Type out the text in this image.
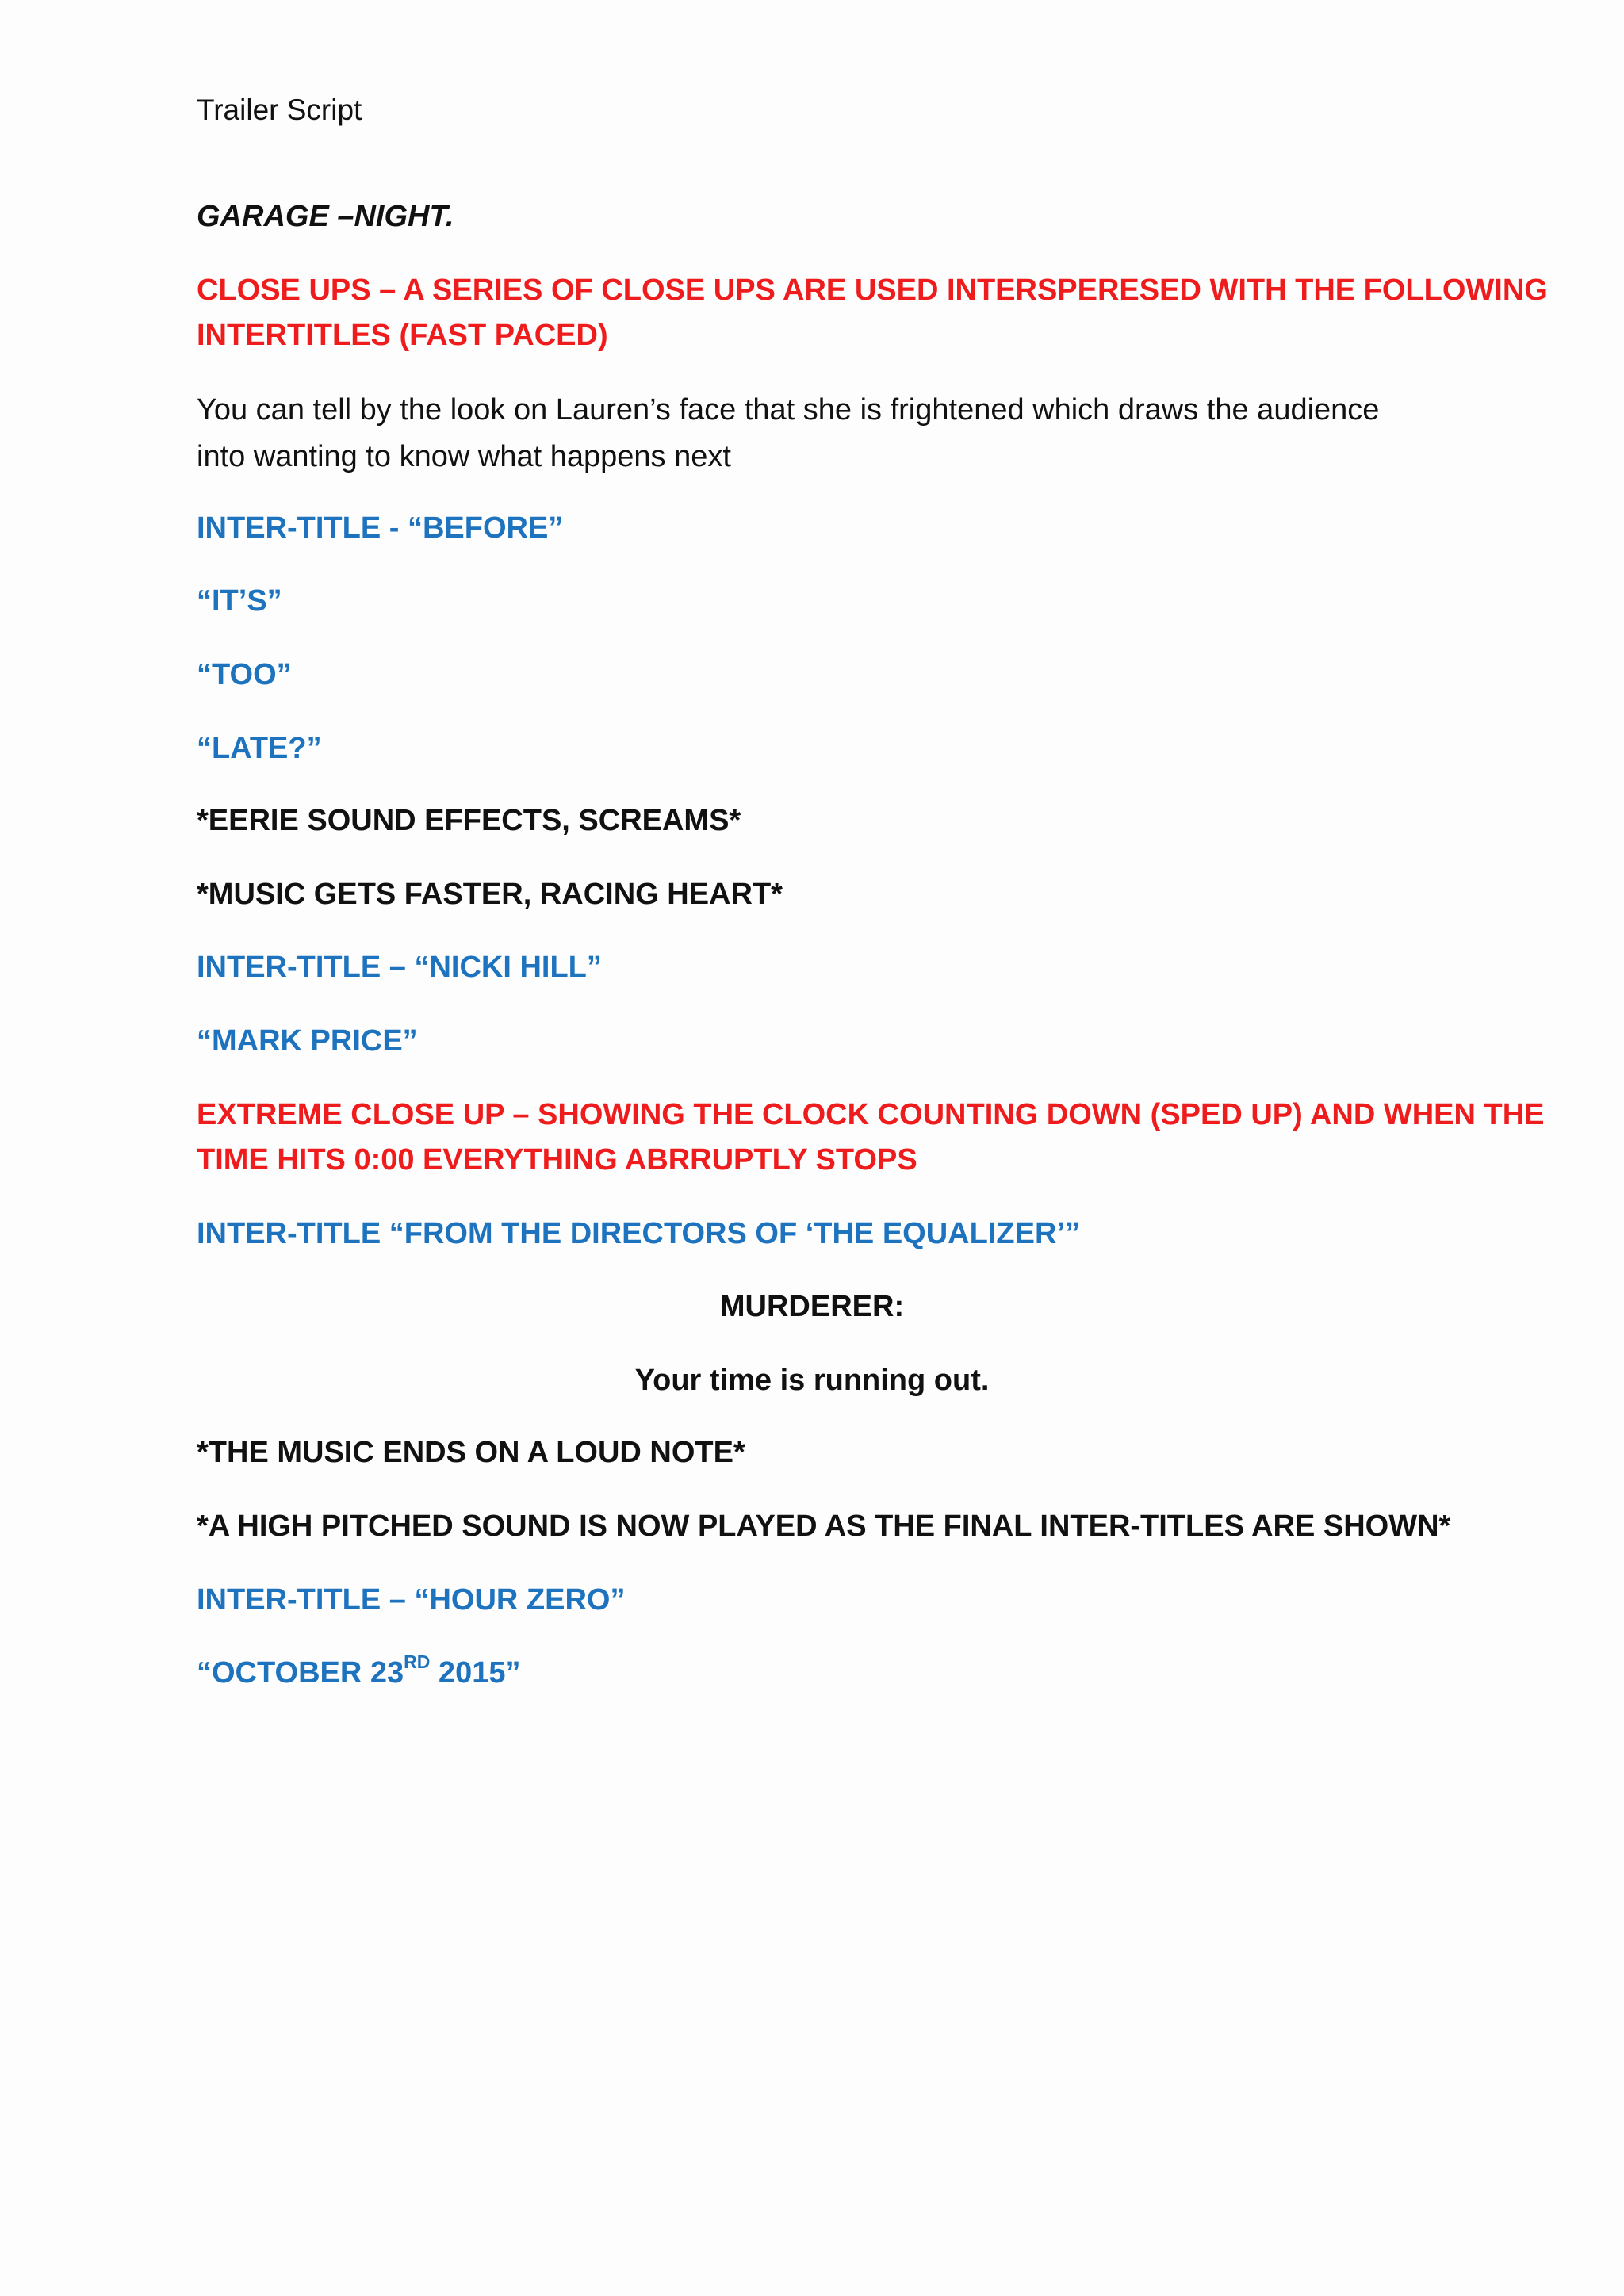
Trailer Script

GARAGE –NIGHT.

CLOSE UPS – A SERIES OF CLOSE UPS ARE USED INTERSPERESED WITH THE FOLLOWING

INTERTITLES (FAST PACED)

You can tell by the look on Lauren’s face that she is frightened which draws the audience

into wanting to know what happens next

INTER-TITLE - “BEFORE”

“IT’S”

“TOO”

“LATE?”

*EERIE SOUND EFFECTS, SCREAMS*

*MUSIC GETS FASTER, RACING HEART*

INTER-TITLE – “NICKI HILL”

“MARK PRICE”

EXTREME CLOSE UP – SHOWING THE CLOCK COUNTING DOWN (SPED UP) AND WHEN THE

TIME HITS 0:00 EVERYTHING ABRRUPTLY STOPS

INTER-TITLE “FROM THE DIRECTORS OF ‘THE EQUALIZER’”

MURDERER:

Your time is running out.

*THE MUSIC ENDS ON A LOUD NOTE*

*A HIGH PITCHED SOUND IS NOW PLAYED AS THE FINAL INTER-TITLES ARE SHOWN*

INTER-TITLE – “HOUR ZERO”

“OCTOBER 23RD 2015”
